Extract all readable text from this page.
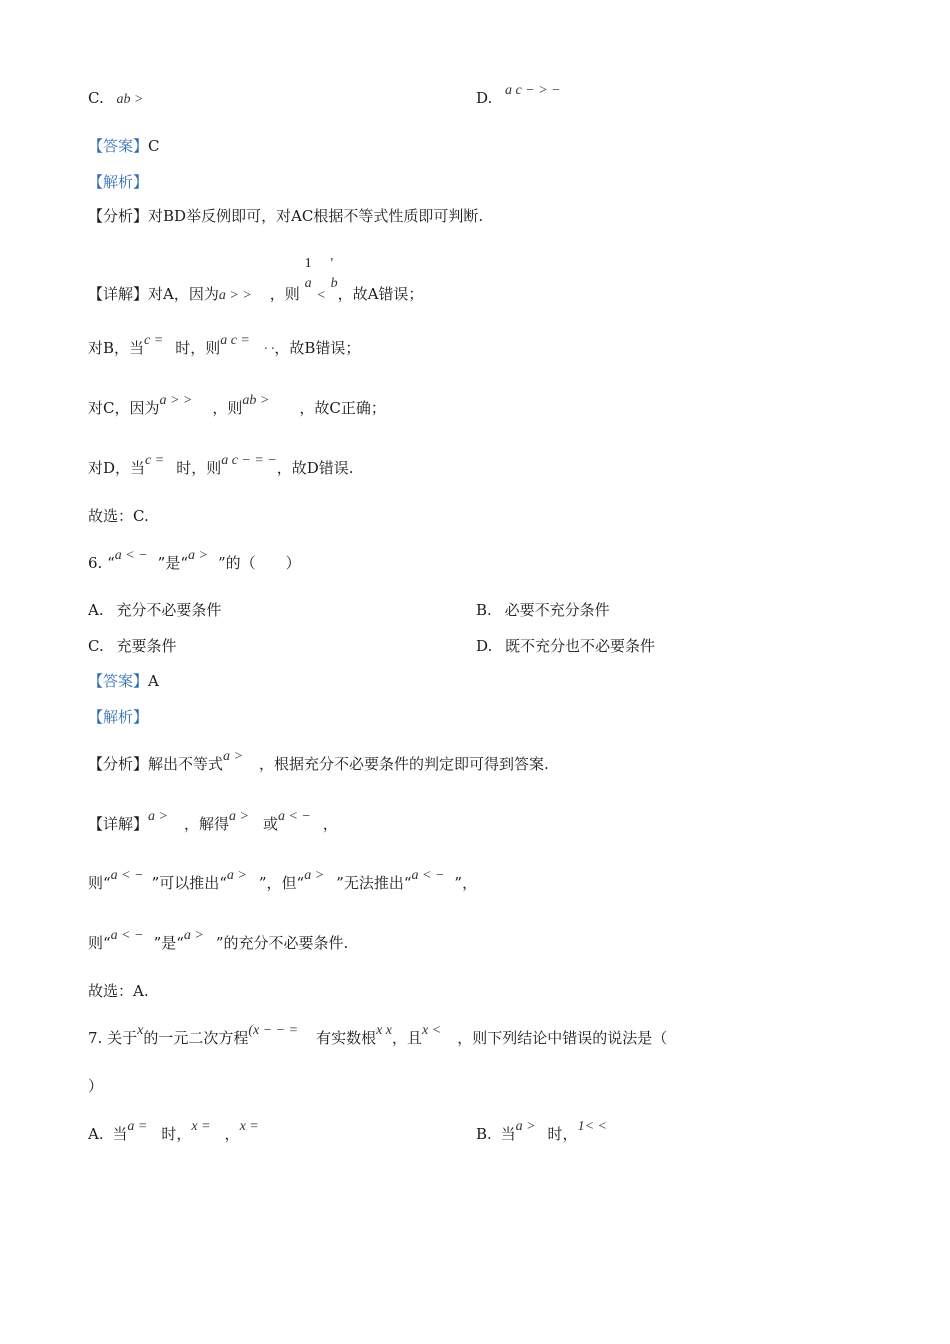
C. ab >	D. a c − > −
【答案】C
【解析】
【分析】对BD举反例即可，对AC根据不等式性质即可判断.
【详解】对A，因为a > > ，则 1
a < '
b，故A错误；
对B，当c = 时，则a c =· ·，故B错误；
对C，因为a > > ，则ab > ，故C正确；
对D，当c = 时，则a c − = −，故D错误.
故选：C.
6. “a < − ”是“a > ”的（　　）
A. 充分不必要条件	B. 必要不充分条件
C. 充要条件	D. 既不充分也不必要条件
【答案】A
【解析】
【分析】解出不等式a > ，根据充分不必要条件的判定即可得到答案.
【详解】a > ，解得a > 或a < − ，
则“a < − ”可以推出“a > ”，但“a > ”无法推出“a < − ”，
则“a < − ”是“a > ”的充分不必要条件.
故选：A.
7. 关于x的一元二次方程(x − − = 有实数根x x，且x < ，则下列结论中错误的说法是（
）
A. 当a = 时，x = ，x =	B. 当a > 时，1< <
